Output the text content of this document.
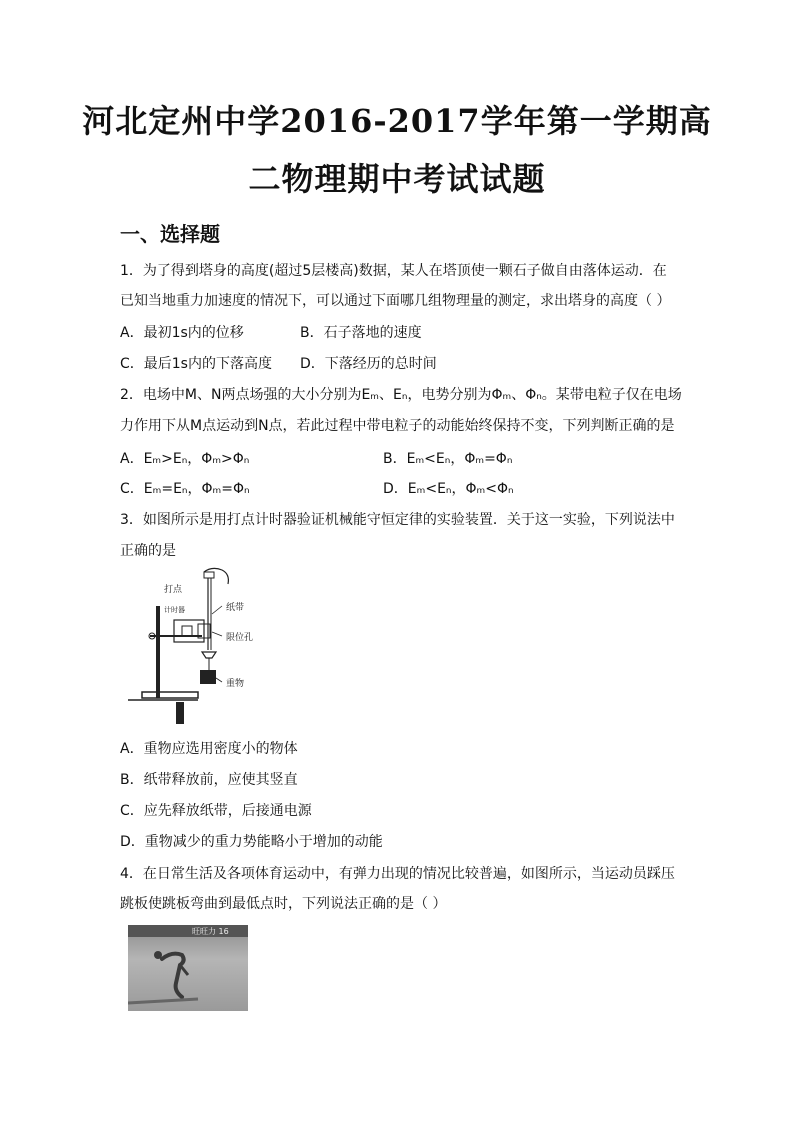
河北定州中学2016-2017学年第一学期高
二物理期中考试试题
一、选择题
1．为了得到塔身的高度(超过5层楼高)数据，某人在塔顶使一颗石子做自由落体运动．在
已知当地重力加速度的情况下，可以通过下面哪几组物理量的测定，求出塔身的高度（ ）
A．最初1s内的位移	B．石子落地的速度
C．最后1s内的下落高度 D．下落经历的总时间
2．电场中M、N两点场强的大小分别为Eₘ、Eₙ，电势分别为Φₘ、Φₙ。某带电粒子仅在电场
力作用下从M点运动到N点，若此过程中带电粒子的动能始终保持不变，下列判断正确的是
A．Eₘ>Eₙ，Φₘ>Φₙ	B．Eₘ<Eₙ，Φₘ=Φₙ
C．Eₘ=Eₙ，Φₘ=Φₙ	D．Eₘ<Eₙ，Φₘ<Φₙ
3．如图所示是用打点计时器验证机械能守恒定律的实验装置．关于这一实验，下列说法中
正确的是
打点
计时器	纸带
限位孔
重物
A．重物应选用密度小的物体
B．纸带释放前，应使其竖直
C．应先释放纸带，后接通电源
D．重物减少的重力势能略小于增加的动能
4．在日常生活及各项体育运动中，有弹力出现的情况比较普遍，如图所示，当运动员踩压
跳板使跳板弯曲到最低点时，下列说法正确的是（ ）
旺旺力 16
